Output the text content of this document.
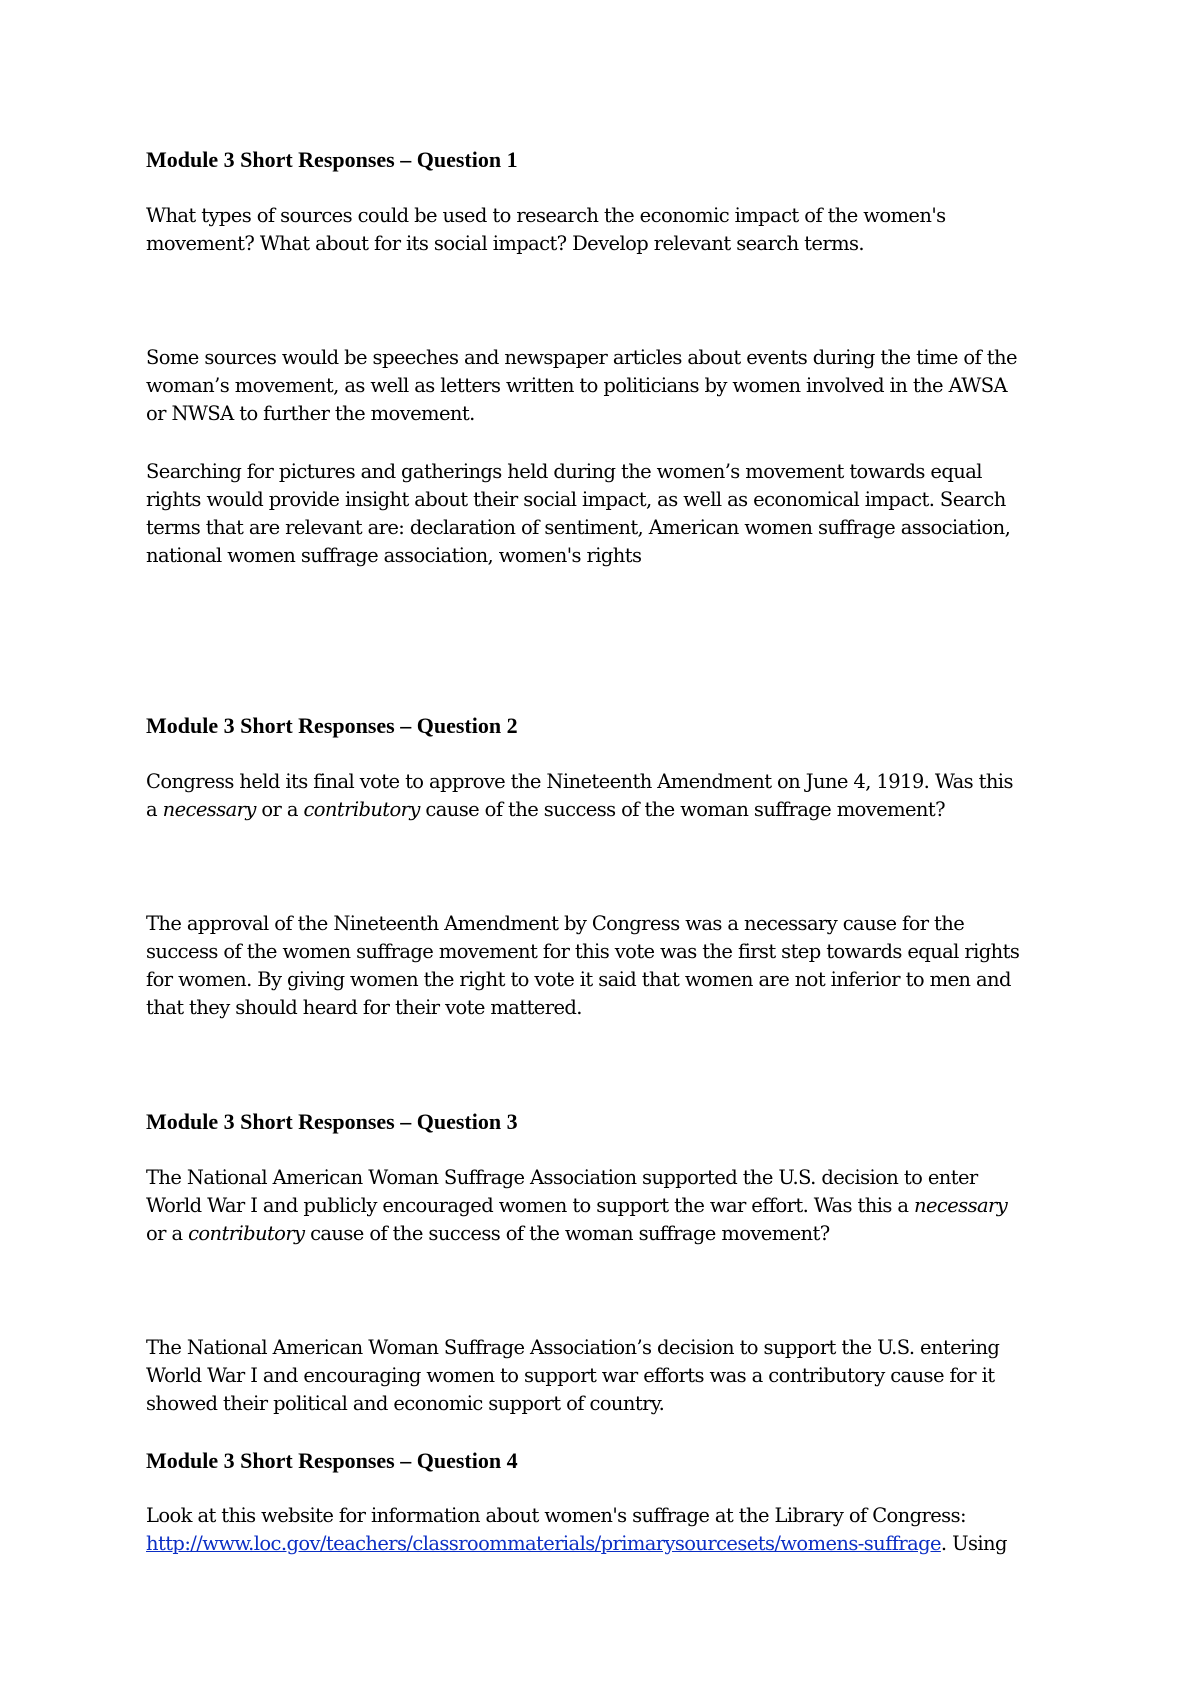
Module 3 Short Responses – Question 1

What types of sources could be used to research the economic impact of the women's
movement? What about for its social impact? Develop relevant search terms.

Some sources would be speeches and newspaper articles about events during the time of the
woman’s movement, as well as letters written to politicians by women involved in the AWSA
or NWSA to further the movement.

Searching for pictures and gatherings held during the women’s movement towards equal
rights would provide insight about their social impact, as well as economical impact. Search
terms that are relevant are: declaration of sentiment, American women suffrage association,
national women suffrage association, women's rights

Module 3 Short Responses – Question 2

Congress held its final vote to approve the Nineteenth Amendment on June 4, 1919. Was this
a necessary or a contributory cause of the success of the woman suffrage movement?

The approval of the Nineteenth Amendment by Congress was a necessary cause for the
success of the women suffrage movement for this vote was the first step towards equal rights
for women. By giving women the right to vote it said that women are not inferior to men and
that they should heard for their vote mattered.

Module 3 Short Responses – Question 3

The National American Woman Suffrage Association supported the U.S. decision to enter
World War I and publicly encouraged women to support the war effort. Was this a necessary
or a contributory cause of the success of the woman suffrage movement?

The National American Woman Suffrage Association’s decision to support the U.S. entering
World War I and encouraging women to support war efforts was a contributory cause for it
showed their political and economic support of country.

Module 3 Short Responses – Question 4

Look at this website for information about women's suffrage at the Library of Congress:
http://www.loc.gov/teachers/classroommaterials/primarysourcesets/womens-suffrage. Using
